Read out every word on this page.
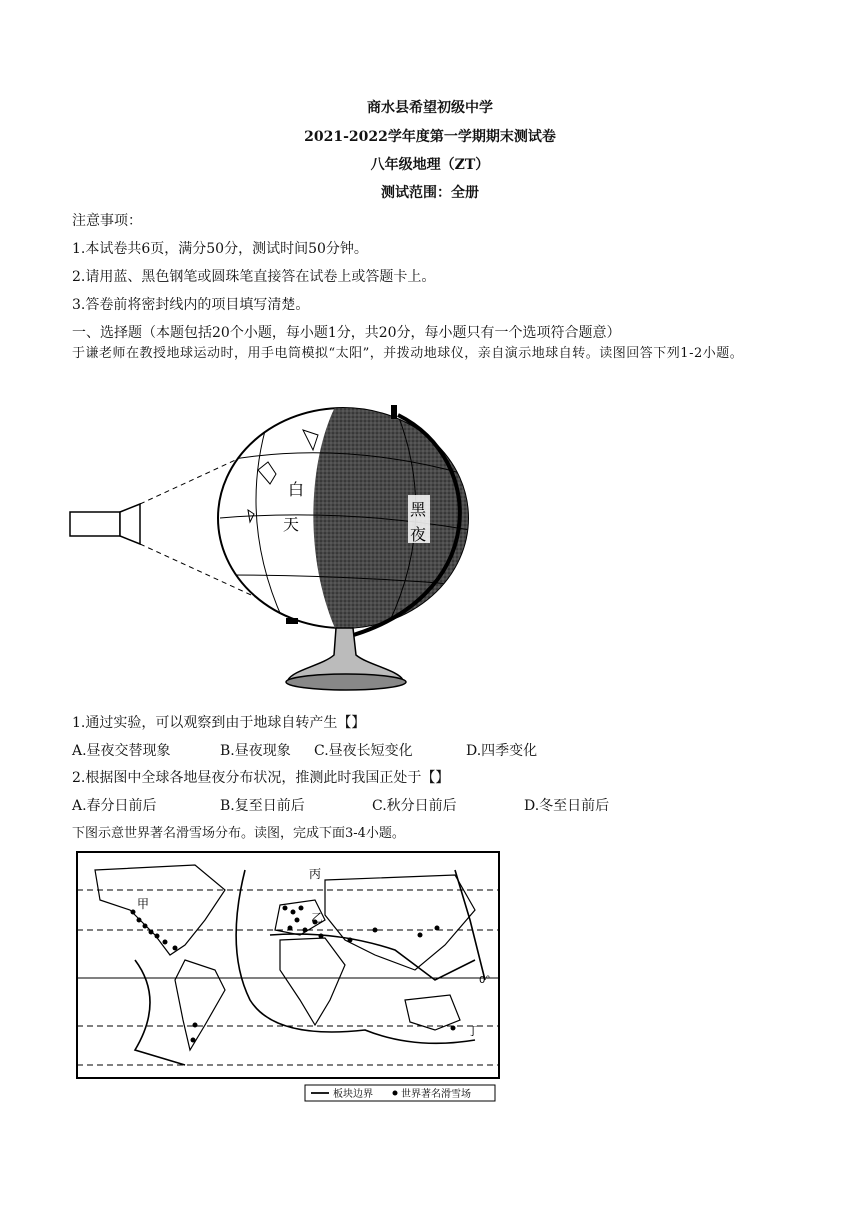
商水县希望初级中学
2021-2022学年度第一学期期末测试卷
八年级地理（ZT）
测试范围：全册
注意事项：
1.本试卷共6页，满分50分，测试时间50分钟。
2.请用蓝、黑色钢笔或圆珠笔直接答在试卷上或答题卡上。
3.答卷前将密封线内的项目填写清楚。
一、选择题（本题包括20个小题，每小题1分，共20分，每小题只有一个选项符合题意）
于谦老师在教授地球运动时，用手电筒模拟“太阳”，并拨动地球仪，亲自演示地球自转。读图回答下列1-2小题。
白
天
黑
夜
1.通过实验，可以观察到由于地球自转产生【】
A.昼夜交替现象	B.昼夜现象 C.昼夜长短变化	D.四季变化
2.根据图中全球各地昼夜分布状况，推测此时我国正处于【】
A.春分日前后	B.复至日前后	C.秋分日前后	D.冬至日前后
下图示意世界著名滑雪场分布。读图，完成下面3-4小题。
甲
乙
丙
丁
0°
板块边界	世界著名滑雪场
